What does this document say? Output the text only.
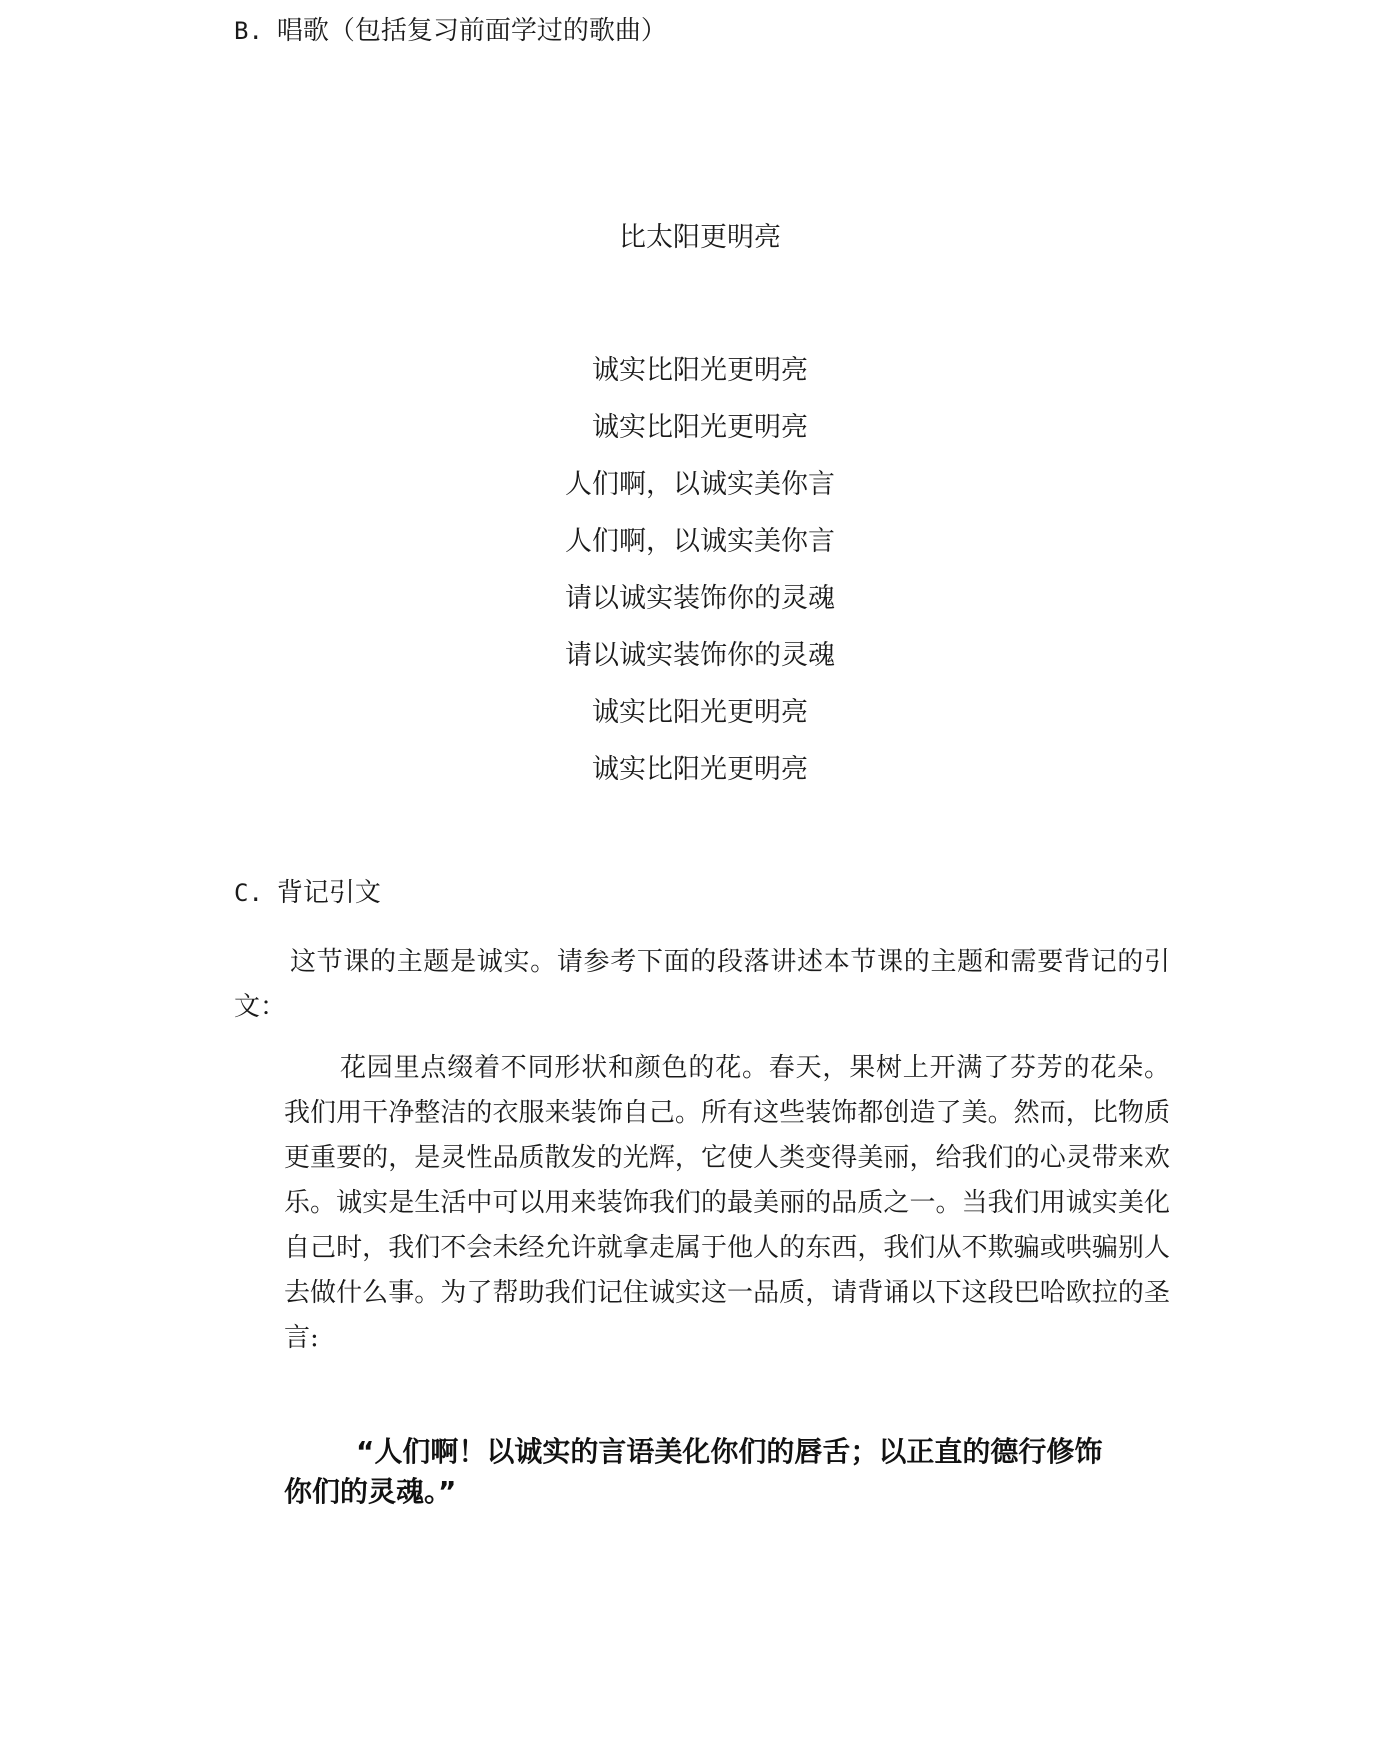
B. 唱歌（包括复习前面学过的歌曲）
比太阳更明亮
诚实比阳光更明亮
诚实比阳光更明亮
人们啊，以诚实美你言
人们啊，以诚实美你言
请以诚实装饰你的灵魂
请以诚实装饰你的灵魂
诚实比阳光更明亮
诚实比阳光更明亮
C. 背记引文

这节课的主题是诚实。请参考下面的段落讲述本节课的主题和需要背记的引文：

花园里点缀着不同形状和颜色的花。春天，果树上开满了芬芳的花朵。我们用干净整洁的衣服来装饰自己。所有这些装饰都创造了美。然而，比物质更重要的，是灵性品质散发的光辉，它使人类变得美丽，给我们的心灵带来欢乐。诚实是生活中可以用来装饰我们的最美丽的品质之一。当我们用诚实美化自己时，我们不会未经允许就拿走属于他人的东西，我们从不欺骗或哄骗别人去做什么事。为了帮助我们记住诚实这一品质，请背诵以下这段巴哈欧拉的圣言:

“人们啊！以诚实的言语美化你们的唇舌；以正直的德行修饰你们的灵魂。”
